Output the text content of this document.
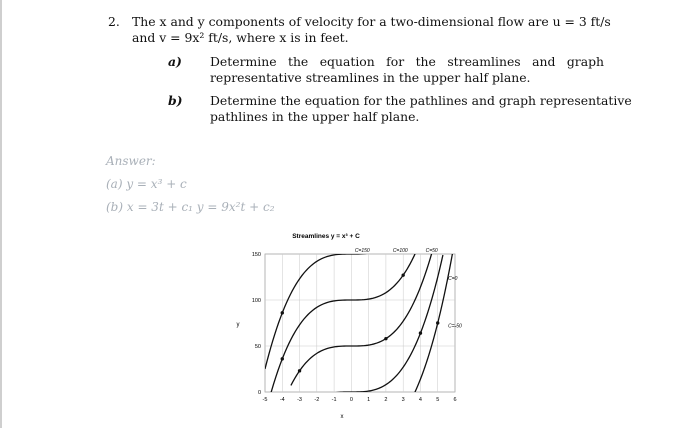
2. The x and y components of velocity for a two-dimensional flow are u = 3 ft/s
and v = 9x² ft/s, where x is in feet.
a) Determine the equation for the streamlines and graph
representative streamlines in the upper half plane.
b) Determine the equation for the pathlines and graph representative
pathlines in the upper half plane.
Answer:
(a) y = x³ + c
(b) x = 3t + c₁ y = 9x²t + c₂
Streamlines y = x³ + C
-5 -4 -3 -2 -1 0	1	2	3	4	5	6
0
50
100
150
C=150	C=100	C=50
C=0
C=-50
x
y
